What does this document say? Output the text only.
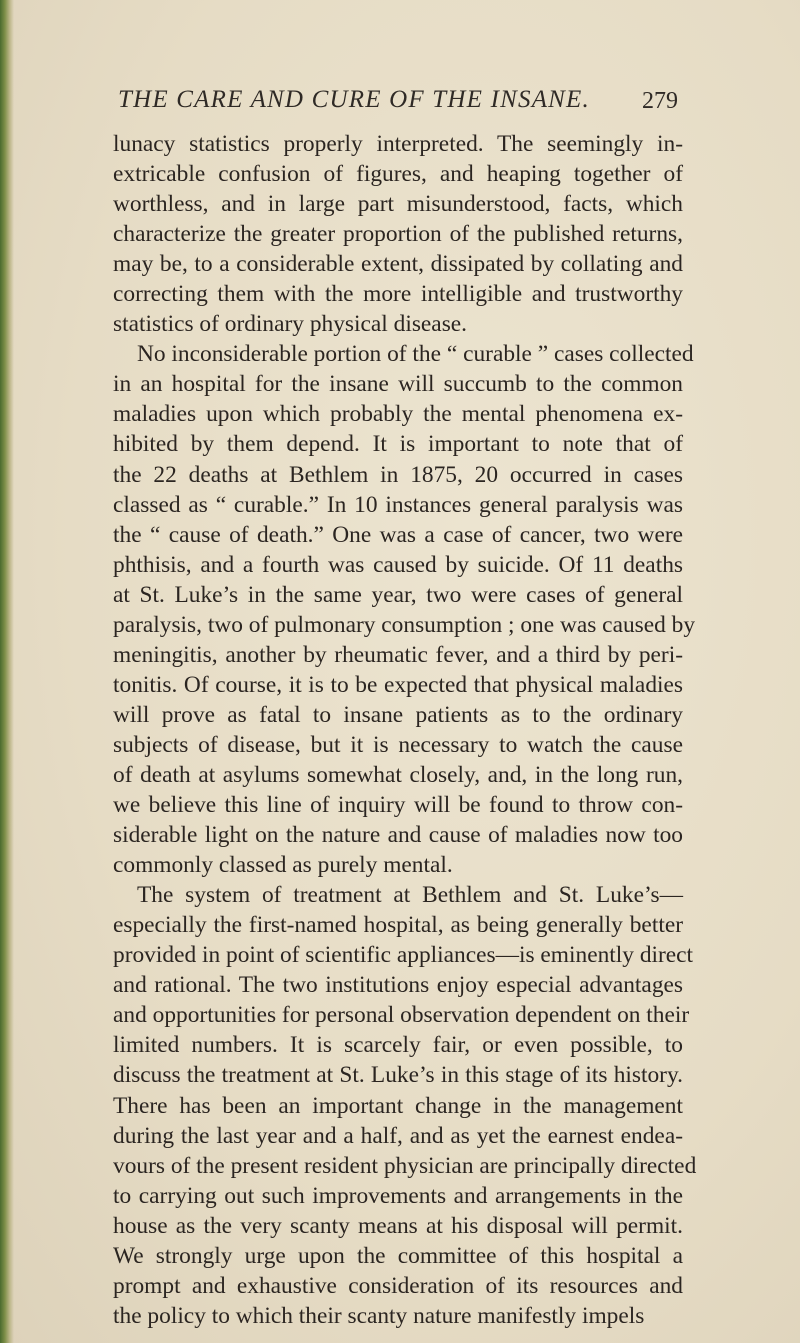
THE CARE AND CURE OF THE INSANE. 279
lunacy statistics properly interpreted. The seemingly in-
extricable confusion of figures, and heaping together of
worthless, and in large part misunderstood, facts, which
characterize the greater proportion of the published returns,
may be, to a considerable extent, dissipated by collating and
correcting them with the more intelligible and trustworthy
statistics of ordinary physical disease.
No inconsiderable portion of the “ curable ” cases collected
in an hospital for the insane will succumb to the common
maladies upon which probably the mental phenomena ex-
hibited by them depend. It is important to note that of
the 22 deaths at Bethlem in 1875, 20 occurred in cases
classed as “ curable.” In 10 instances general paralysis was
the “ cause of death.” One was a case of cancer, two were
phthisis, and a fourth was caused by suicide. Of 11 deaths
at St. Luke’s in the same year, two were cases of general
paralysis, two of pulmonary consumption ; one was caused by
meningitis, another by rheumatic fever, and a third by peri-
tonitis. Of course, it is to be expected that physical maladies
will prove as fatal to insane patients as to the ordinary
subjects of disease, but it is necessary to watch the cause
of death at asylums somewhat closely, and, in the long run,
we believe this line of inquiry will be found to throw con-
siderable light on the nature and cause of maladies now too
commonly classed as purely mental.
The system of treatment at Bethlem and St. Luke’s—
especially the first-named hospital, as being generally better
provided in point of scientific appliances—is eminently direct
and rational. The two institutions enjoy especial advantages
and opportunities for personal observation dependent on their
limited numbers. It is scarcely fair, or even possible, to
discuss the treatment at St. Luke’s in this stage of its history.
There has been an important change in the management
during the last year and a half, and as yet the earnest endea-
vours of the present resident physician are principally directed
to carrying out such improvements and arrangements in the
house as the very scanty means at his disposal will permit.
We strongly urge upon the committee of this hospital a
prompt and exhaustive consideration of its resources and
the policy to which their scanty nature manifestly impels
